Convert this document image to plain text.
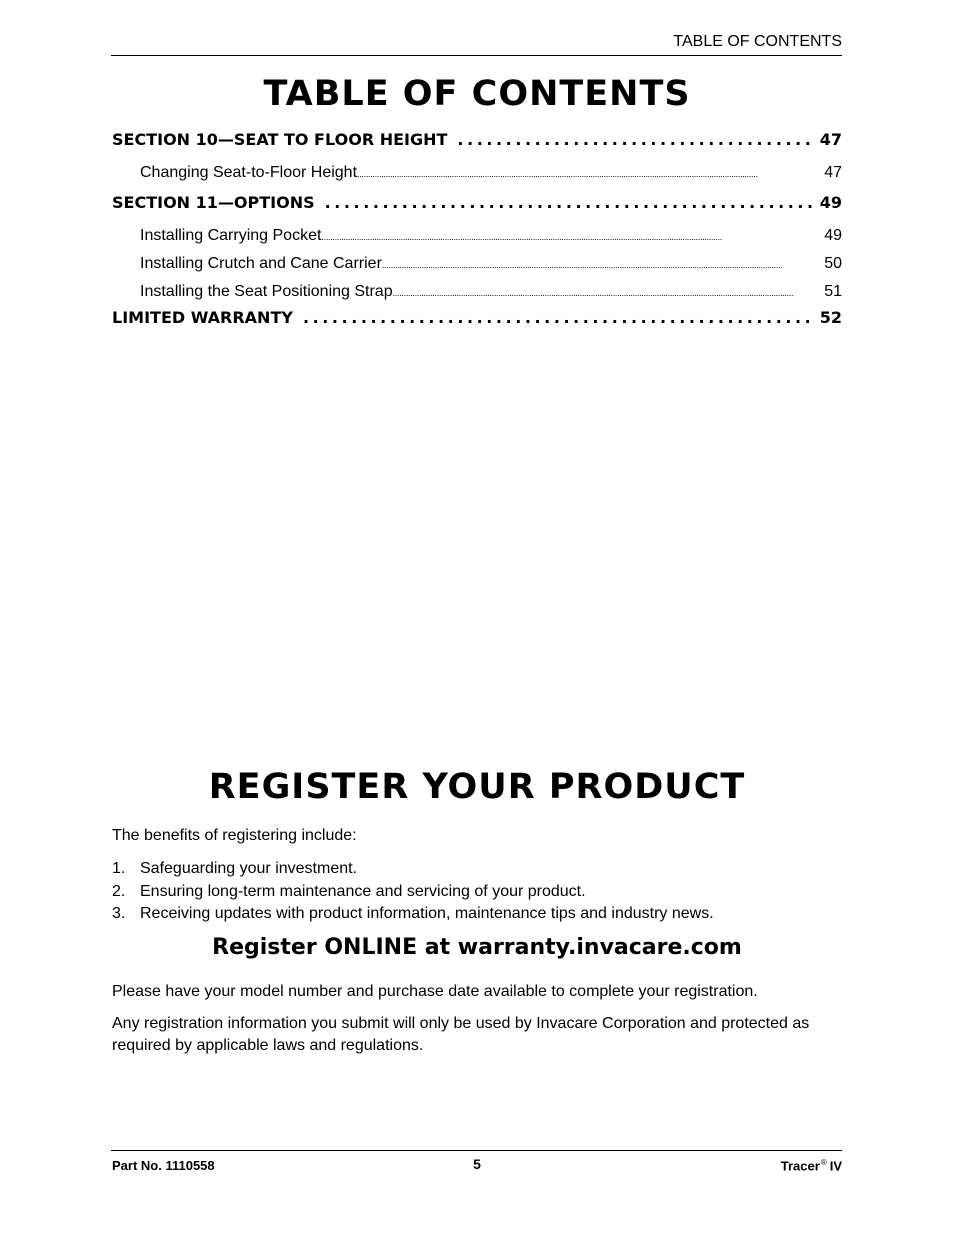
TABLE OF CONTENTS
TABLE OF CONTENTS
SECTION 10—SEAT TO FLOOR HEIGHT . . .	47
Changing Seat-to-Floor Height . . .	47
SECTION 11—OPTIONS . . .	49
Installing Carrying Pocket . . .	49
Installing Crutch and Cane Carrier . . .	50
Installing the Seat Positioning Strap . . .	51
LIMITED WARRANTY . . .	52
REGISTER YOUR PRODUCT
The benefits of registering include:
1. Safeguarding your investment.
2. Ensuring long-term maintenance and servicing of your product.
3. Receiving updates with product information, maintenance tips and industry news.
Register ONLINE at warranty.invacare.com
Please have your model number and purchase date available to complete your registration.
Any registration information you submit will only be used by Invacare Corporation and protected as required by applicable laws and regulations.
Part No. 1110558	5	Tracer® IV
